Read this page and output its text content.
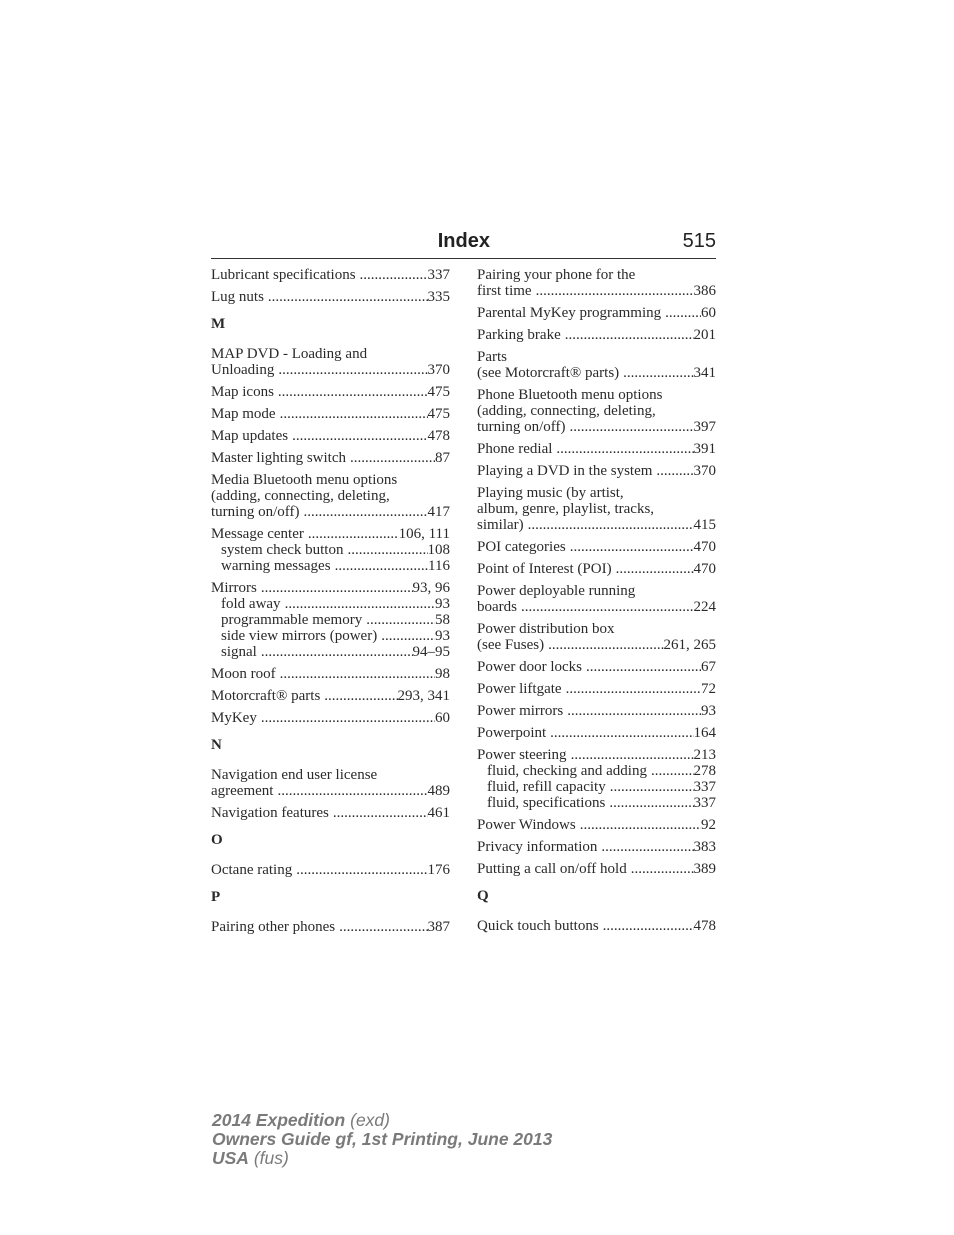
Index	515
Lubricant specifications .....	337
Lug nuts .....	335
M
MAP DVD - Loading and
Unloading .....	370
Map icons .....	475
Map mode .....	475
Map updates .....	478
Master lighting switch .....	87
Media Bluetooth menu options
(adding, connecting, deleting,
turning on/off) .....	417
Message center .....	106, 111
system check button .....	108
warning messages .....	116
Mirrors .....	93, 96
fold away .....	93
programmable memory .....	58
side view mirrors (power) .....	93
signal .....	94–95
Moon roof .....	98
Motorcraft® parts .....	293, 341
MyKey .....	60
N
Navigation end user license
agreement .....	489
Navigation features .....	461
O
Octane rating .....	176
P
Pairing other phones .....	387
Pairing your phone for the
first time .....	386
Parental MyKey programming .....	60
Parking brake .....	201
Parts
(see Motorcraft® parts) .....	341
Phone Bluetooth menu options
(adding, connecting, deleting,
turning on/off) .....	397
Phone redial .....	391
Playing a DVD in the system .....	370
Playing music (by artist,
album, genre, playlist, tracks,
similar) .....	415
POI categories .....	470
Point of Interest (POI) .....	470
Power deployable running
boards .....	224
Power distribution box
(see Fuses) .....	261, 265
Power door locks .....	67
Power liftgate .....	72
Power mirrors .....	93
Powerpoint .....	164
Power steering .....	213
fluid, checking and adding .....	278
fluid, refill capacity .....	337
fluid, specifications .....	337
Power Windows .....	92
Privacy information .....	383
Putting a call on/off hold .....	389
Q
Quick touch buttons .....	478
2014 Expedition (exd)
Owners Guide gf, 1st Printing, June 2013
USA (fus)
